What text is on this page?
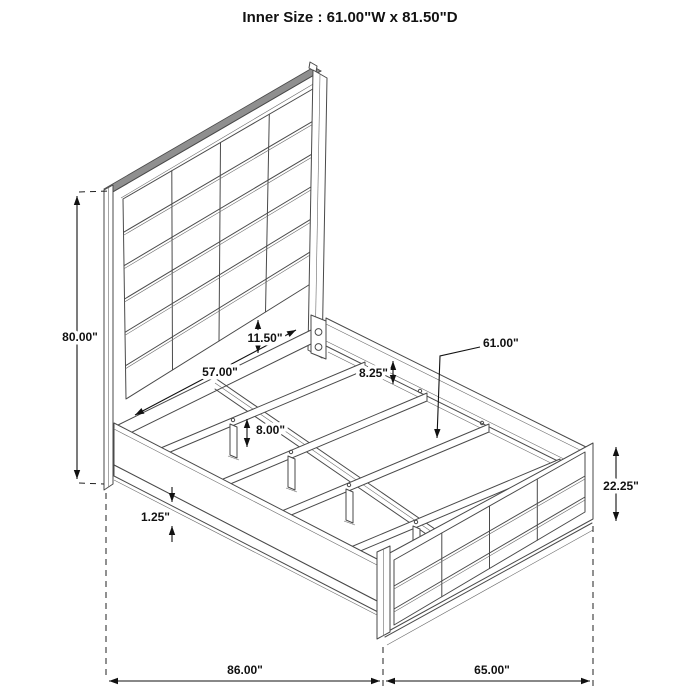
80.00"
57.00"
11.50"
8.25"
61.00"
8.00"
1.25"
22.25"
86.00"	65.00"
Inner Size : 61.00"W x 81.50"D
